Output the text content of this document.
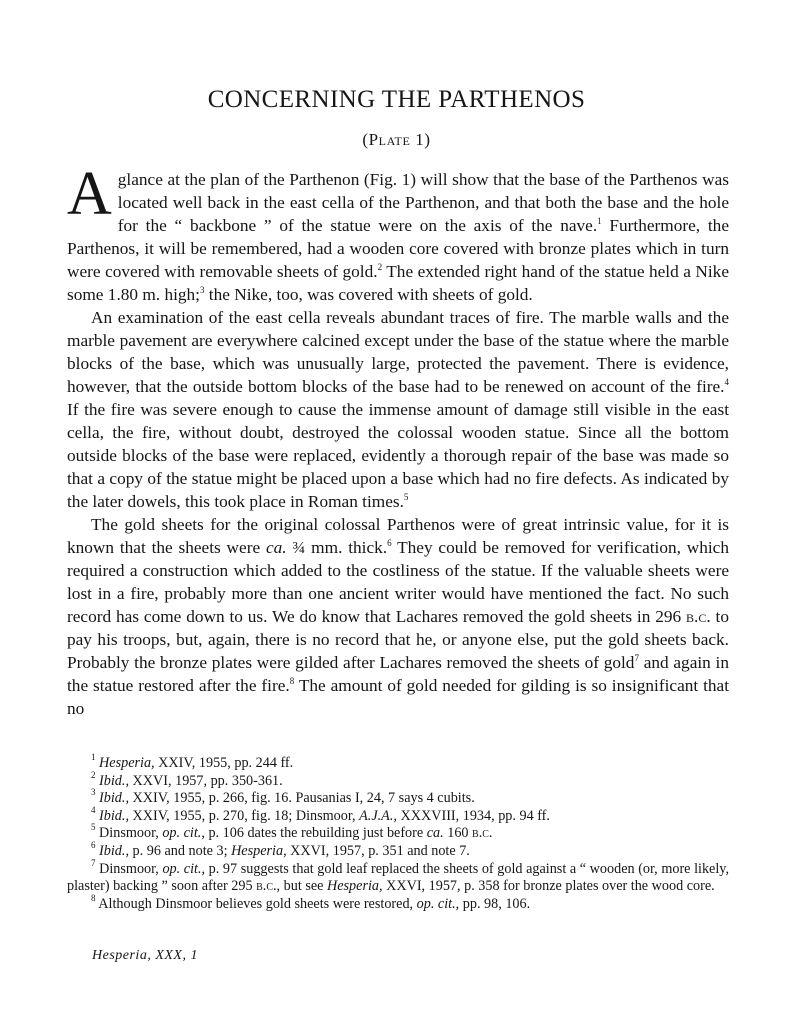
CONCERNING THE PARTHENOS

(Plate 1)

Aglance at the plan of the Parthenon (Fig. 1) will show that the base of the Parthenos was located well back in the east cella of the Parthenon, and that both the base and the hole for the “ backbone ” of the statue were on the axis of the nave.$^1$ Furthermore, the Parthenos, it will be remembered, had a wooden core covered with bronze plates which in turn were covered with removable sheets of gold.$^2$ The extended right hand of the statue held a Nike some 1.80 m. high;$^3$ the Nike, too, was covered with sheets of gold.

An examination of the east cella reveals abundant traces of fire. The marble walls and the marble pavement are everywhere calcined except under the base of the statue where the marble blocks of the base, which was unusually large, protected the pavement. There is evidence, however, that the outside bottom blocks of the base had to be renewed on account of the fire.$^4$ If the fire was severe enough to cause the immense amount of damage still visible in the east cella, the fire, without doubt, destroyed the colossal wooden statue. Since all the bottom outside blocks of the base were replaced, evidently a thorough repair of the base was made so that a copy of the statue might be placed upon a base which had no fire defects. As indicated by the later dowels, this took place in Roman times.$^5$

The gold sheets for the original colossal Parthenos were of great intrinsic value, for it is known that the sheets were ca. ¾ mm. thick.$^6$ They could be removed for verification, which required a construction which added to the costliness of the statue. If the valuable sheets were lost in a fire, probably more than one ancient writer would have mentioned the fact. No such record has come down to us. We do know that Lachares removed the gold sheets in 296 b.c. to pay his troops, but, again, there is no record that he, or anyone else, put the gold sheets back. Probably the bronze plates were gilded after Lachares removed the sheets of gold$^7$ and again in the statue restored after the fire.$^8$ The amount of gold needed for gilding is so insignificant that no

$^1$ Hesperia, XXIV, 1955, pp. 244 ff.

$^2$ Ibid., XXVI, 1957, pp. 350-361.

$^3$ Ibid., XXIV, 1955, p. 266, fig. 16. Pausanias I, 24, 7 says 4 cubits.

$^4$ Ibid., XXIV, 1955, p. 270, fig. 18; Dinsmoor, A.J.A., XXXVIII, 1934, pp. 94 ff.

$^5$ Dinsmoor, op. cit., p. 106 dates the rebuilding just before ca. 160 b.c.

$^6$ Ibid., p. 96 and note 3; Hesperia, XXVI, 1957, p. 351 and note 7.

$^7$ Dinsmoor, op. cit., p. 97 suggests that gold leaf replaced the sheets of gold against a “ wooden (or, more likely, plaster) backing ” soon after 295 b.c., but see Hesperia, XXVI, 1957, p. 358 for bronze plates over the wood core.

$^8$ Although Dinsmoor believes gold sheets were restored, op. cit., pp. 98, 106.

Hesperia, XXX, 1
